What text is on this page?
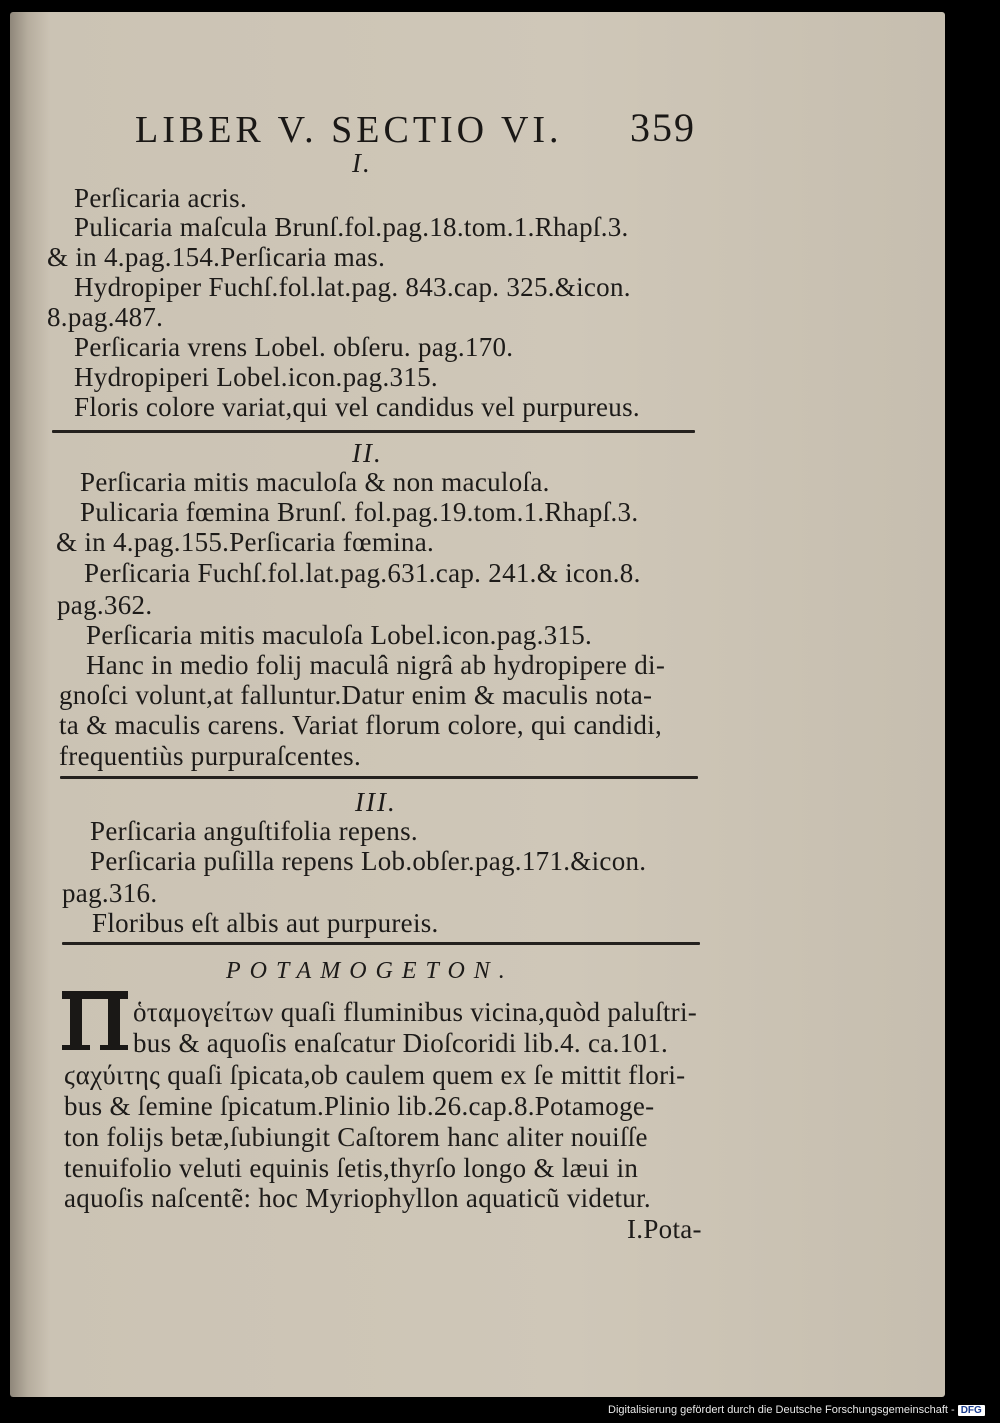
LIBER V. SECTIO VI. 359
I.
Perſicaria acris.
Pulicaria maſcula Brunſ.fol.pag.18.tom.1.Rhapſ.3.
& in 4.pag.154.Perſicaria mas.
Hydropiper Fuchſ.fol.lat.pag. 843.cap. 325.&icon.
8.pag.487.
Perſicaria vrens Lobel. obſeru. pag.170.
Hydropiperi Lobel.icon.pag.315.
Floris colore variat,qui vel candidus vel purpureus.
II.
Perſicaria mitis maculoſa & non maculoſa.
Pulicaria fœmina Brunſ. fol.pag.19.tom.1.Rhapſ.3.
& in 4.pag.155.Perſicaria fœmina.
Perſicaria Fuchſ.fol.lat.pag.631.cap. 241.& icon.8.
pag.362.
Perſicaria mitis maculoſa Lobel.icon.pag.315.
Hanc in medio folij maculâ nigrâ ab hydropipere di-
gnoſci volunt,at falluntur.Datur enim & maculis nota-
ta & maculis carens. Variat florum colore, qui candidi,
frequentiùs purpuraſcentes.
III.
Perſicaria anguſtifolia repens.
Perſicaria puſilla repens Lob.obſer.pag.171.&icon.
pag.316.
Floribus eſt albis aut purpureis.
POTAMOGETON.
ὁταμογείτων quaſi fluminibus vicina,quòd paluſtri-
bus & aquoſis enaſcatur Dioſcoridi lib.4. ca.101.
ϛαχύιτης quaſi ſpicata,ob caulem quem ex ſe mittit flori-
bus & ſemine ſpicatum.Plinio lib.26.cap.8.Potamoge-
ton folijs betæ,ſubiungit Caſtorem hanc aliter nouiſſe
tenuifolio veluti equinis ſetis,thyrſo longo & læui in
aquoſis naſcentẽ: hoc Myriophyllon aquaticũ videtur.
I.Pota-
Digitalisierung gefördert durch die Deutsche Forschungsgemeinschaft - DFG
